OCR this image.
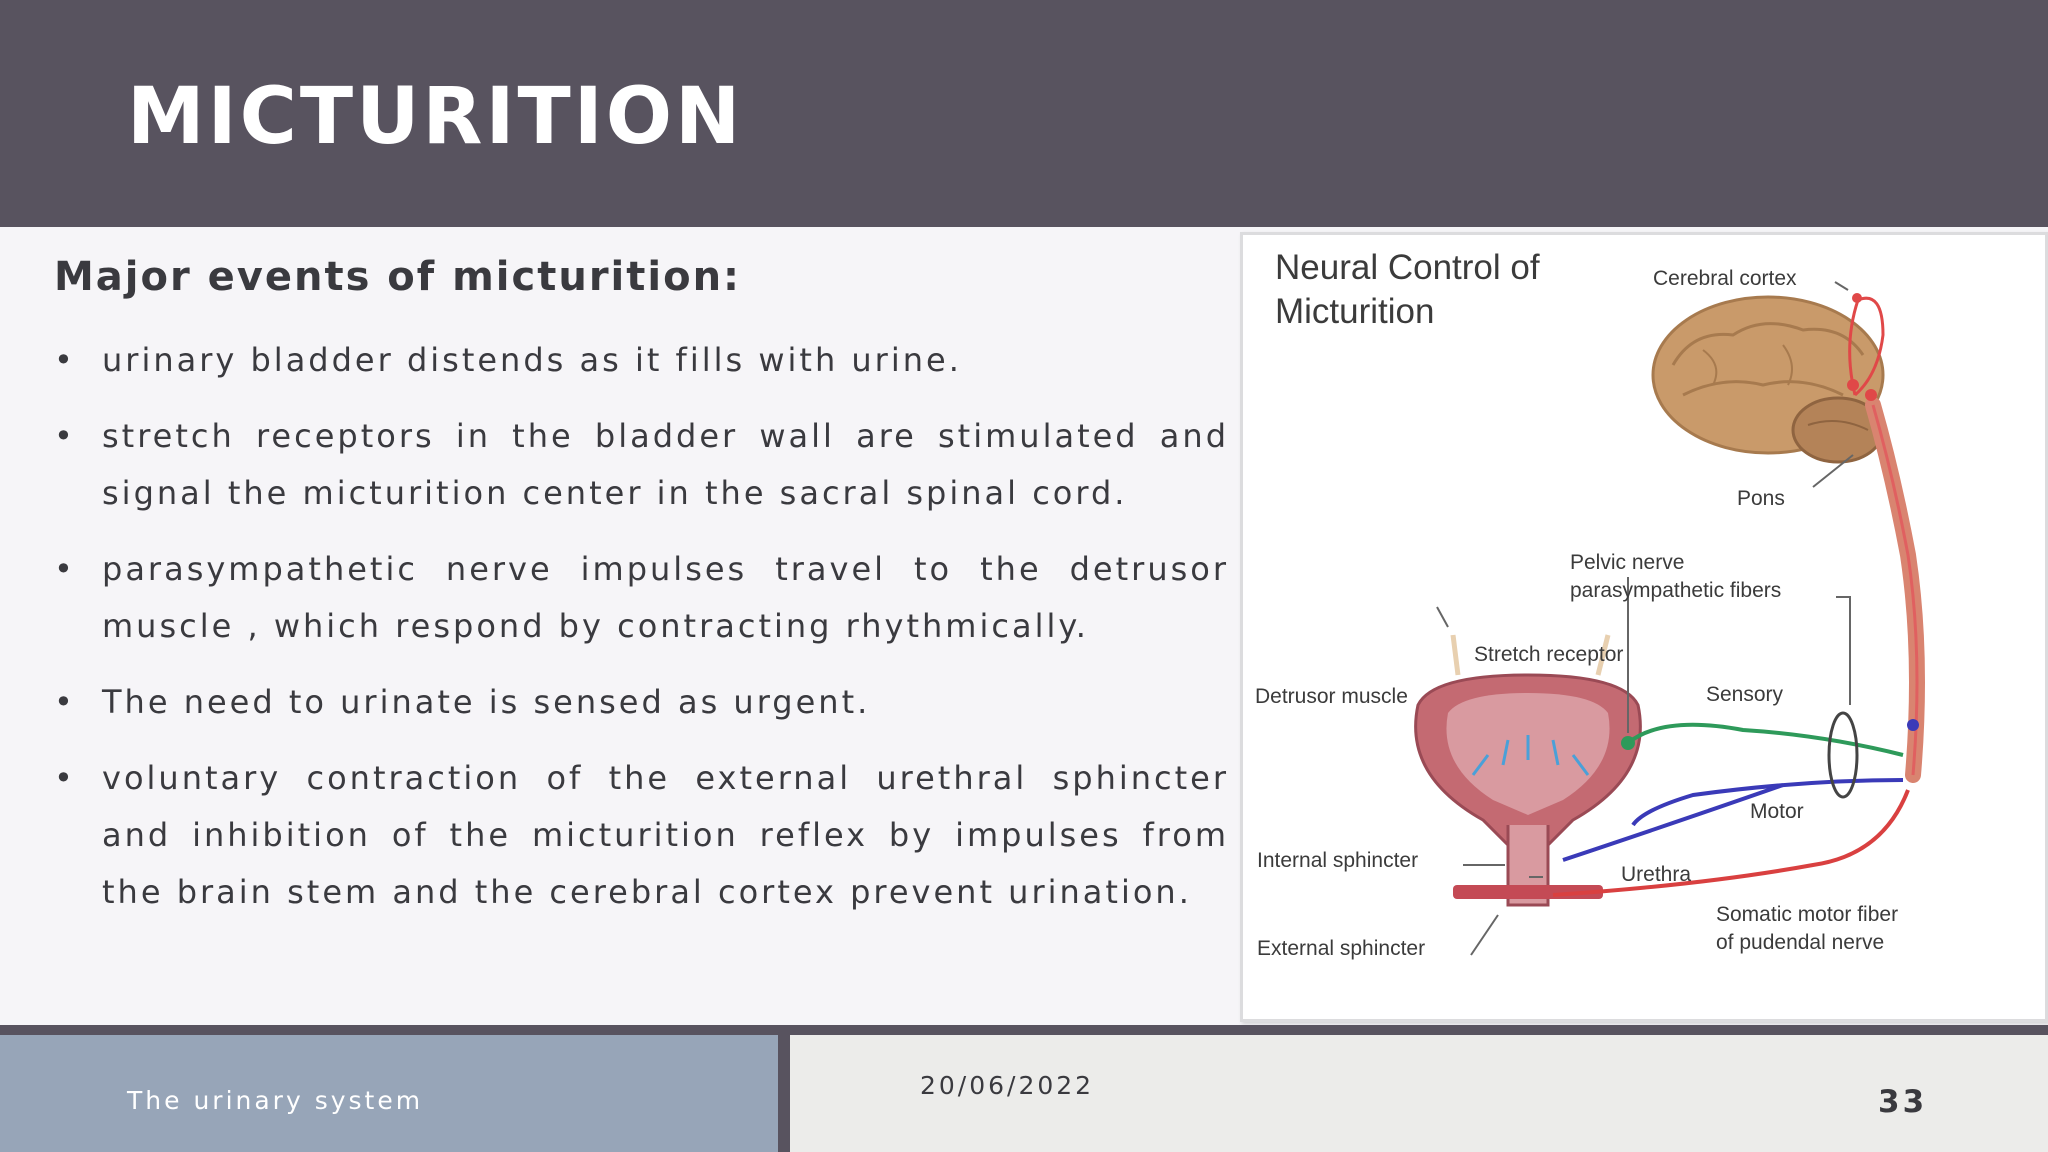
MICTURITION
Major events of micturition:
• urinary bladder distends as it fills with urine.
• stretch receptors in the bladder wall are stimulated and signal the micturition center in the sacral spinal cord.
• parasympathetic nerve impulses travel to the detrusor muscle , which respond by contracting rhythmically.
• The need to urinate is sensed as urgent.
• voluntary contraction of the external urethral sphincter and inhibition of the micturition reflex by impulses from the brain stem and the cerebral cortex prevent urination.
Neural Control of
Micturition
Cerebral cortex
Pons
Pelvic nerve
parasympathetic fibers
Stretch receptor
Detrusor muscle	Sensory
Motor
Internal sphincter
Urethra
Somatic motor fiber
of pudendal nerve
External sphincter
The urinary system
20/06/2022	33
